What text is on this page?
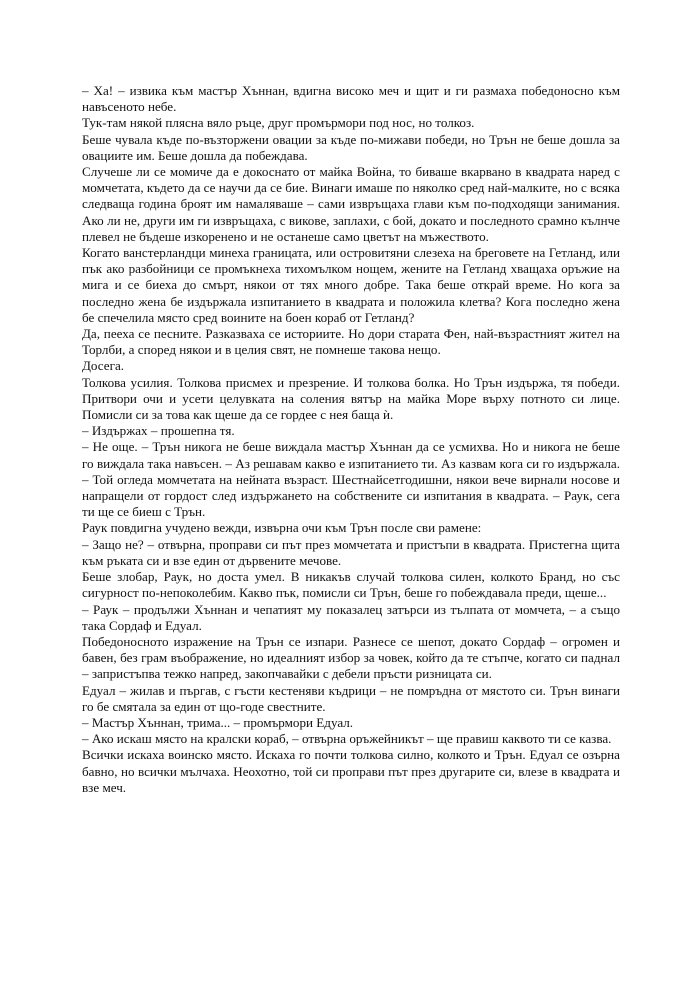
– Ха! – извика към мастър Хъннан, вдигна високо меч и щит и ги размаха победоносно към навъсеното небе.

Тук-там някой плясна вяло ръце, друг промърмори под нос, но толкоз.

Беше чувала къде по-възторжени овации за къде по-мижави победи, но Трън не беше дошла за овациите им. Беше дошла да побеждава.

Случеше ли се момиче да е докоснато от майка Война, то биваше вкарвано в квадрата наред с момчетата, където да се научи да се бие. Винаги имаше по няколко сред най-малките, но с всяка следваща година броят им намаляваше – сами извръщаха глави към по-подходящи занимания. Ако ли не, други им ги извръщаха, с викове, заплахи, с бой, докато и последното срамно кълнче плевел не бъдеше изкоренено и не останеше само цветът на мъжеството.

Когато ванстерландци минеха границата, или островитяни слезеха на бреговете на Гетланд, или пък ако разбойници се промъкнеха тихомълком нощем, жените на Гетланд хващаха оръжие на мига и се биеха до смърт, някои от тях много добре. Така беше открай време. Но кога за последно жена бе издържала изпитанието в квадрата и положила клетва? Кога последно жена бе спечелила място сред воините на боен кораб от Гетланд?

Да, пееха се песните. Разказваха се историите. Но дори старата Фен, най-възрастният жител на Торлби, а според някои и в целия свят, не помнеше такова нещо.

Досега.

Толкова усилия. Толкова присмех и презрение. И толкова болка. Но Трън издържа, тя победи. Притвори очи и усети целувката на соления вятър на майка Море върху потното си лице. Помисли си за това как щеше да се гордее с нея баща ѝ.

– Издържах – прошепна тя.

– Не още. – Трън никога не беше виждала мастър Хъннан да се усмихва. Но и никога не беше го виждала така навъсен. – Аз решавам какво е изпитанието ти. Аз казвам кога си го издържала. – Той огледа момчетата на нейната възраст. Шестнайсетгодишни, някои вече вирнали носове и напращели от гордост след издържането на собствените си изпитания в квадрата. – Раук, сега ти ще се биеш с Трън.

Раук повдигна учудено вежди, извърна очи към Трън после сви рамене:

– Защо не? – отвърна, проправи си път през момчетата и пристъпи в квадрата. Пристегна щита към ръката си и взе един от дървените мечове.

Беше злобар, Раук, но доста умел. В никакъв случай толкова силен, колкото Бранд, но със сигурност по-непоколебим. Какво пък, помисли си Трън, беше го побеждавала преди, щеше...

– Раук – продължи Хъннан и чепатият му показалец затърси из тълпата от момчета, – а също така Сордаф и Едуал.

Победоносното изражение на Трън се изпари. Разнесе се шепот, докато Сордаф – огромен и бавен, без грам въображение, но идеалният избор за човек, който да те стъпче, когато си паднал – запристъпва тежко напред, закопчавайки с дебели пръсти ризницата си.

Едуал – жилав и пъргав, с гъсти кестеняви къдрици – не помръдна от мястото си. Трън винаги го бе смятала за един от що-годе свестните.

– Мастър Хъннан, трима... – промърмори Едуал.

– Ако искаш място на кралски кораб, – отвърна оръжейникът – ще правиш каквото ти се казва.

Всички искаха воинско място. Искаха го почти толкова силно, колкото и Трън. Едуал се озърна бавно, но всички мълчаха. Неохотно, той си проправи път през другарите си, влезе в квадрата и взе меч.
